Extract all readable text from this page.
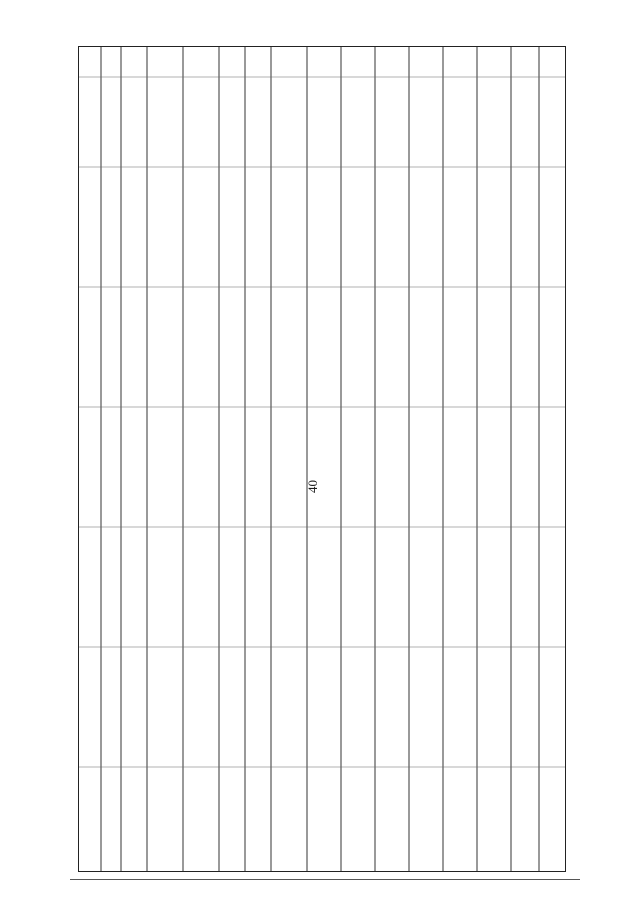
40
